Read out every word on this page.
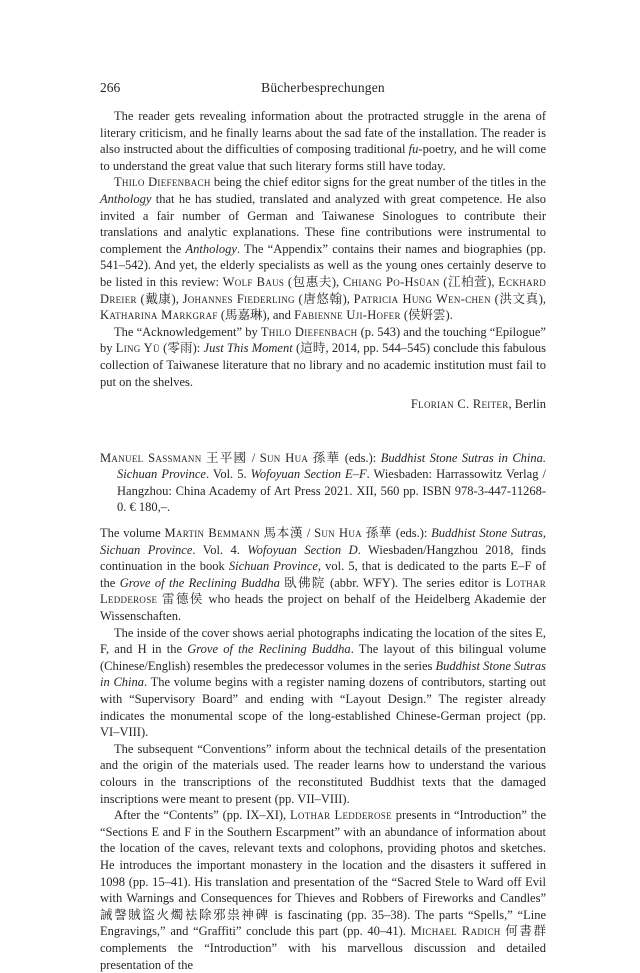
266	Bücherbesprechungen

The reader gets revealing information about the protracted struggle in the arena of literary criticism, and he finally learns about the sad fate of the installation. The reader is also instructed about the difficulties of composing traditional fu-poetry, and he will come to understand the great value that such literary forms still have today.

Thilo Diefenbach being the chief editor signs for the great number of the titles in the Anthology that he has studied, translated and analyzed with great competence. He also invited a fair number of German and Taiwanese Sinologues to contribute their translations and analytic explanations. These fine contributions were instrumental to complement the Anthology. The “Appendix” contains their names and biographies (pp. 541–542). And yet, the elderly specialists as well as the young ones certainly deserve to be listed in this review: Wolf Baus (包惠夫), Chiang Po-Hsüan (江柏萱), Eckhard Dreier (戴康), Johannes Fiederling (唐悠翰), Patricia Hung Wen-chen (洪文真), Katharina Markgraf (馬嘉琳), and Fabienne Uji-Hofer (侯姸雲).

The “Acknowledgement” by Thilo Diefenbach (p. 543) and the touching “Epilogue” by Ling Yü (零雨): Just This Moment (這時, 2014, pp. 544–545) conclude this fabulous collection of Taiwanese literature that no library and no academic institution must fail to put on the shelves.

Florian C. Reiter, Berlin

Manuel Sassmann 王平國 / Sun Hua 孫華 (eds.): Buddhist Stone Sutras in China. Sichuan Province. Vol. 5. Wofoyuan Section E–F. Wiesbaden: Harrassowitz Verlag / Hangzhou: China Academy of Art Press 2021. XII, 560 pp. ISBN 978-3-447-11268-0. € 180,–.

The volume Martin Bemmann 馬本漢 / Sun Hua 孫華 (eds.): Buddhist Stone Sutras, Sichuan Province. Vol. 4. Wofoyuan Section D. Wiesbaden/Hangzhou 2018, finds continuation in the book Sichuan Province, vol. 5, that is dedicated to the parts E–F of the Grove of the Reclining Buddha 臥佛院 (abbr. WFY). The series editor is Lothar Ledderose 雷德侯 who heads the project on behalf of the Heidelberg Akademie der Wissenschaften.

The inside of the cover shows aerial photographs indicating the location of the sites E, F, and H in the Grove of the Reclining Buddha. The layout of this bilingual volume (Chinese/English) resembles the predecessor volumes in the series Buddhist Stone Sutras in China. The volume begins with a register naming dozens of contributors, starting out with “Supervisory Board” and ending with “Layout Design.” The register already indicates the monumental scope of the long-established Chinese-German project (pp. VI–VIII).

The subsequent “Conventions” inform about the technical details of the presentation and the origin of the materials used. The reader learns how to understand the various colours in the transcriptions of the reconstituted Buddhist texts that the damaged inscriptions were meant to present (pp. VII–VIII).

After the “Contents” (pp. IX–XI), Lothar Ledderose presents in “Introduction” the “Sections E and F in the Southern Escarpment” with an abundance of information about the location of the caves, relevant texts and colophons, providing photos and sketches. He introduces the important monastery in the location and the disasters it suffered in 1098 (pp. 15–41). His translation and presentation of the “Sacred Stele to Ward off Evil with Warnings and Consequences for Thieves and Robbers of Fireworks and Candles” 誡謦賊盜火燭袪除邪祟神碑 is fascinating (pp. 35–38). The parts “Spells,” “Line Engravings,” and “Graffiti” conclude this part (pp. 40–41). Michael Radich 何書群 complements the “Introduction” with his marvellous discussion and detailed presentation of the
